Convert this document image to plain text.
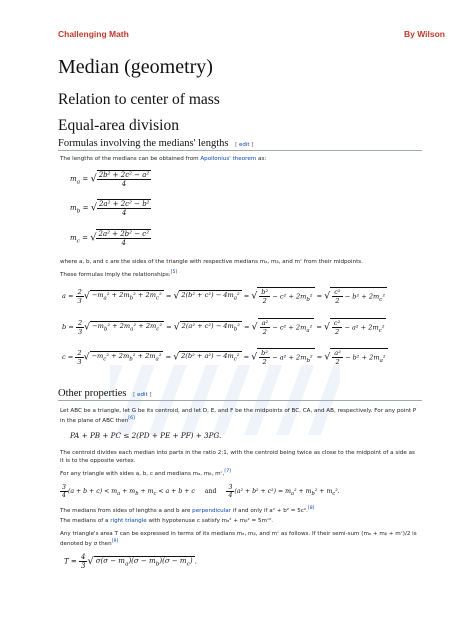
Challenging Math	By Wilson
Median (geometry)
Relation to center of mass
Equal-area division
Formulas involving the medians' lengths [ edit ]
The lengths of the medians can be obtained from Apollonius' theorem as:
$m_a$ = √ $\frac{\text{2b² + 2c² − a²}}{4}$
$m_b$ = √ $\frac{\text{2a² + 2c² − b²}}{4}$
$m_c$ = √ $\frac{\text{2a² + 2b² − c²}}{4}$
where a, b, and c are the sides of the triangle with respective medians mₐ, mᵦ, and mᶜ from their midpoints.
These formulas imply the relationships:[5]
$a = \frac{2}{3}$ √ $-m_a^2 + 2m_b^2 + 2m_c^2$ = √ $2(b^2 + c^2) - 4m_a^2$ = √ $\frac{\text{b²}}{2} - c^2 + 2m_b^2$ = √ $\frac{\text{c²}}{2} - b^2 + 2m_c^2$
$b = \frac{2}{3}$ √ $-m_b^2 + 2m_a^2 + 2m_c^2$ = √ $2(a^2 + c^2) - 4m_b^2$ = √ $\frac{\text{a²}}{2} - c^2 + 2m_a^2$ = √ $\frac{\text{c²}}{2} - a^2 + 2m_c^2$
$c = \frac{2}{3}$ √ $-m_c^2 + 2m_b^2 + 2m_a^2$ = √ $2(b^2 + a^2) - 4m_c^2$ = √ $\frac{\text{b²}}{2} - a^2 + 2m_b^2$ = √ $\frac{\text{a²}}{2} - b^2 + 2m_a^2$
Other properties [ edit ]
Let ABC be a triangle, let G be its centroid, and let D, E, and F be the midpoints of BC, CA, and AB, respectively. For any point P in the plane of ABC then[6]
PA + PB + PC ≤ 2(PD + PE + PF) + 3PG.
The centroid divides each median into parts in the ratio 2:1, with the centroid being twice as close to the midpoint of a side as it is to the opposite vertex.
For any triangle with sides a, b, c and medians mₐ, mᵦ, mᶜ,[7]
$\frac{3}{4} (a + b + c) < m_a + m_b + m_c < a + b + c$ and $\frac{3}{4} (a^2 + b^2 + c^2) = m_a^2 + m_b^2 + m_c^2$.
The medians from sides of lengths a and b are perpendicular if and only if a² + b² = 5c².[8]
The medians of a right triangle with hypotenuse c satisfy mₐ² + mᵦ² = 5mᶜ².
Any triangle's area T can be expressed in terms of its medians mₐ, mᵦ, and mᶜ as follows. If their semi-sum (mₐ + mᵦ + mᶜ)/2 is denoted by σ then[9]
$T = \frac{4}{3}$ √ $\sigma(\sigma - m_a)(\sigma - m_b)(\sigma - m_c)$ .
